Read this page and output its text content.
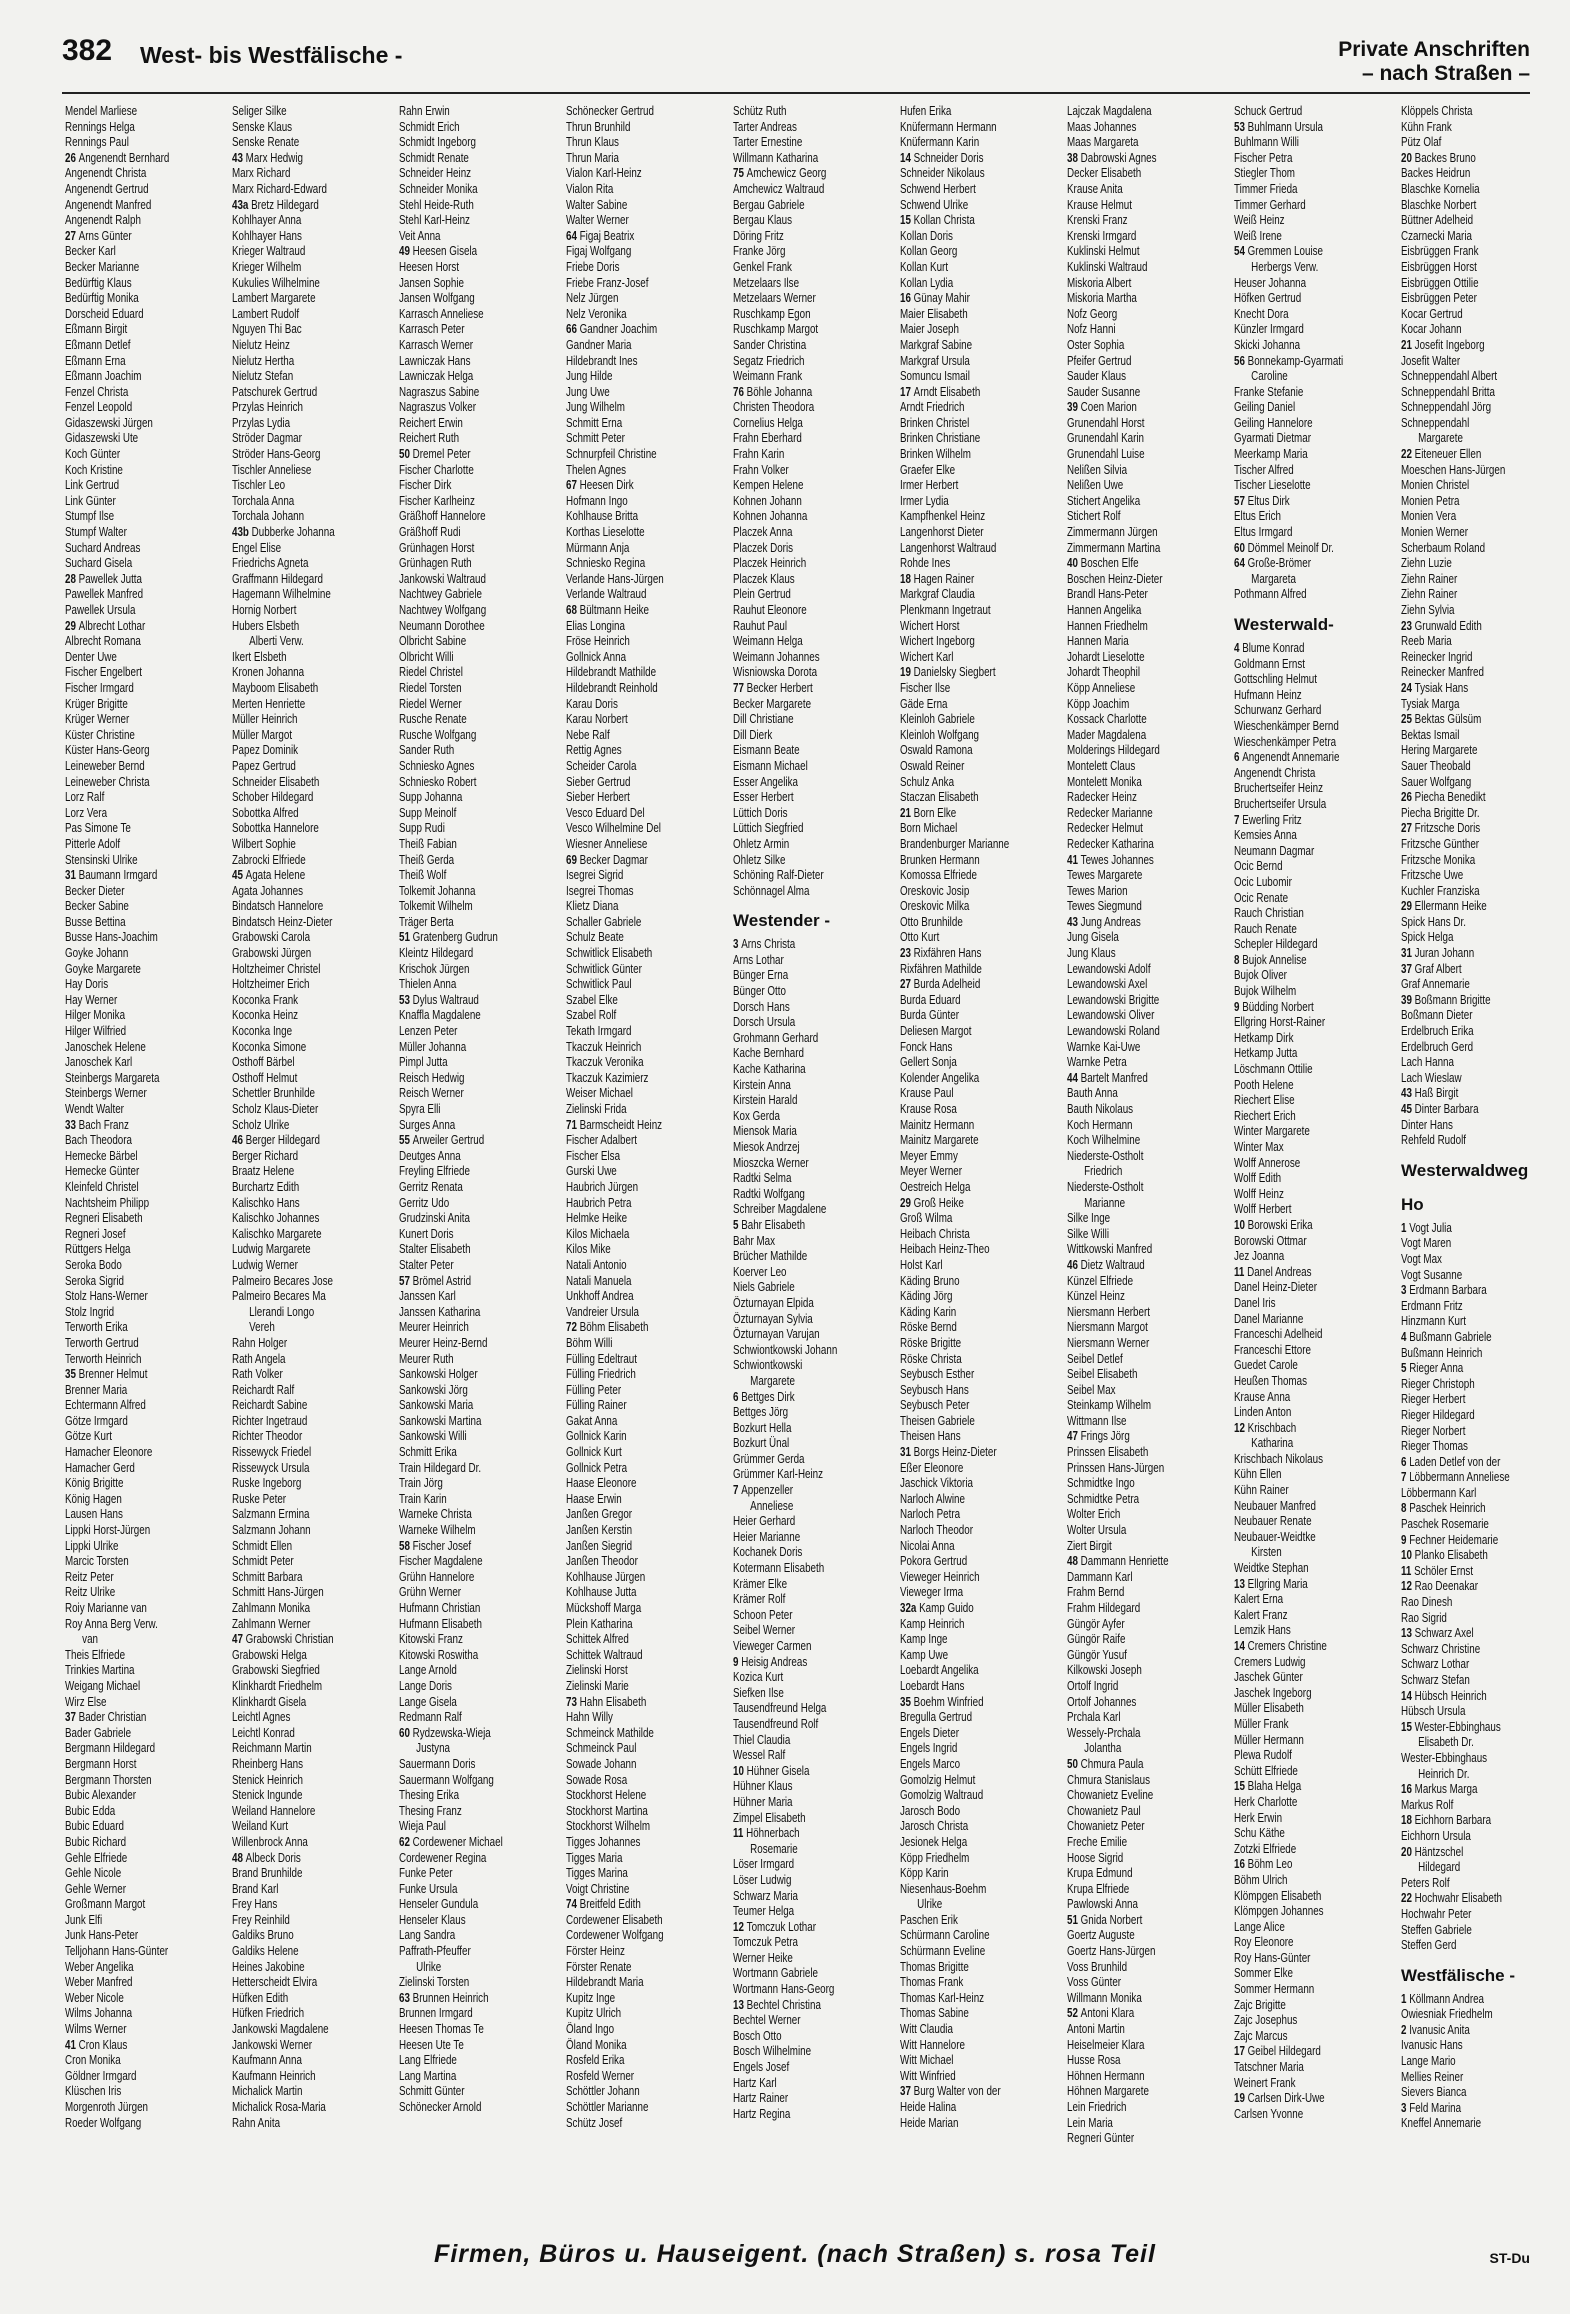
382 West- bis Westfälische -	Private Anschriften
– nach Straßen –
Mendel Marliese
Rennings Helga
Rennings Paul
26 Angenendt Bernhard
Angenendt Christa
Angenendt Gertrud
Angenendt Manfred
Angenendt Ralph
27 Arns Günter
Becker Karl
Becker Marianne
Bedürftig Klaus
Bedürftig Monika
Dorscheid Eduard
Eßmann Birgit
Eßmann Detlef
Eßmann Erna
Eßmann Joachim
Fenzel Christa
Fenzel Leopold
Gidaszewski Jürgen
Gidaszewski Ute
Koch Günter
Koch Kristine
Link Gertrud
Link Günter
Stumpf Ilse
Stumpf Walter
Suchard Andreas
Suchard Gisela
28 Pawellek Jutta
Pawellek Manfred
Pawellek Ursula
29 Albrecht Lothar
Albrecht Romana
Denter Uwe
Fischer Engelbert
Fischer Irmgard
Krüger Brigitte
Krüger Werner
Küster Christine
Küster Hans-Georg
Leineweber Bernd
Leineweber Christa
Lorz Ralf
Lorz Vera
Pas Simone Te
Pitterle Adolf
Stensinski Ulrike
31 Baumann Irmgard
Becker Dieter
Becker Sabine
Busse Bettina
Busse Hans-Joachim
Goyke Johann
Goyke Margarete
Hay Doris
Hay Werner
Hilger Monika
Hilger Wilfried
Janoschek Helene
Janoschek Karl
Steinbergs Margareta
Steinbergs Werner
Wendt Walter
33 Bach Franz
Bach Theodora
Hemecke Bärbel
Hemecke Günter
Kleinfeld Christel
Nachtsheim Philipp
Regneri Elisabeth
Regneri Josef
Rüttgers Helga
Seroka Bodo
Seroka Sigrid
Stolz Hans-Werner
Stolz Ingrid
Terworth Erika
Terworth Gertrud
Terworth Heinrich
35 Brenner Helmut
Brenner Maria
Echtermann Alfred
Götze Irmgard
Götze Kurt
Hamacher Eleonore
Hamacher Gerd
König Brigitte
König Hagen
Lausen Hans
Lippki Horst-Jürgen
Lippki Ulrike
Marcic Torsten
Reitz Peter
Reitz Ulrike
Roiy Marianne van
Roy Anna Berg Verw.
van
Theis Elfriede
Trinkies Martina
Weigang Michael
Wirz Else
37 Bader Christian
Bader Gabriele
Bergmann Hildegard
Bergmann Horst
Bergmann Thorsten
Bubic Alexander
Bubic Edda
Bubic Eduard
Bubic Richard
Gehle Elfriede
Gehle Nicole
Gehle Werner
Großmann Margot
Junk Elfi
Junk Hans-Peter
Telljohann Hans-Günter
Weber Angelika
Weber Manfred
Weber Nicole
Wilms Johanna
Wilms Werner
41 Cron Klaus
Cron Monika
Göldner Irmgard
Klüschen Iris
Morgenroth Jürgen
Roeder Wolfgang
Seliger Silke
Senske Klaus
Senske Renate
43 Marx Hedwig
Marx Richard
Marx Richard-Edward
43a Bretz Hildegard
Kohlhayer Anna
Kohlhayer Hans
Krieger Waltraud
Krieger Wilhelm
Kukulies Wilhelmine
Lambert Margarete
Lambert Rudolf
Nguyen Thi Bac
Nielutz Heinz
Nielutz Hertha
Nielutz Stefan
Patschurek Gertrud
Przylas Heinrich
Przylas Lydia
Ströder Dagmar
Ströder Hans-Georg
Tischler Anneliese
Tischler Leo
Torchala Anna
Torchala Johann
43b Dubberke Johanna
Engel Elise
Friedrichs Agneta
Graffmann Hildegard
Hagemann Wilhelmine
Hornig Norbert
Hubers Elsbeth
Alberti Verw.
Ikert Elsbeth
Kronen Johanna
Mayboom Elisabeth
Merten Henriette
Müller Heinrich
Müller Margot
Papez Dominik
Papez Gertrud
Schneider Elisabeth
Schober Hildegard
Sobottka Alfred
Sobottka Hannelore
Wilbert Sophie
Zabrocki Elfriede
45 Agata Helene
Agata Johannes
Bindatsch Hannelore
Bindatsch Heinz-Dieter
Grabowski Carola
Grabowski Jürgen
Holtzheimer Christel
Holtzheimer Erich
Koconka Frank
Koconka Heinz
Koconka Inge
Koconka Simone
Osthoff Bärbel
Osthoff Helmut
Schettler Brunhilde
Scholz Klaus-Dieter
Scholz Ulrike
46 Berger Hildegard
Berger Richard
Braatz Helene
Burchartz Edith
Kalischko Hans
Kalischko Johannes
Kalischko Margarete
Ludwig Margarete
Ludwig Werner
Palmeiro Becares Jose
Palmeiro Becares Ma
Llerandi Longo
Vereh
Rahn Holger
Rath Angela
Rath Volker
Reichardt Ralf
Reichardt Sabine
Richter Ingetraud
Richter Theodor
Rissewyck Friedel
Rissewyck Ursula
Ruske Ingeborg
Ruske Peter
Salzmann Ermina
Salzmann Johann
Schmidt Ellen
Schmidt Peter
Schmitt Barbara
Schmitt Hans-Jürgen
Zahlmann Monika
Zahlmann Werner
47 Grabowski Christian
Grabowski Helga
Grabowski Siegfried
Klinkhardt Friedhelm
Klinkhardt Gisela
Leichtl Agnes
Leichtl Konrad
Reichmann Martin
Rheinberg Hans
Stenick Heinrich
Stenick Ingunde
Weiland Hannelore
Weiland Kurt
Willenbrock Anna
48 Albeck Doris
Brand Brunhilde
Brand Karl
Frey Hans
Frey Reinhild
Galdiks Bruno
Galdiks Helene
Heines Jakobine
Hetterscheidt Elvira
Hüfken Edith
Hüfken Friedrich
Jankowski Magdalene
Jankowski Werner
Kaufmann Anna
Kaufmann Heinrich
Michalick Martin
Michalick Rosa-Maria
Rahn Anita
Rahn Erwin
Schmidt Erich
Schmidt Ingeborg
Schmidt Renate
Schneider Heinz
Schneider Monika
Stehl Heide-Ruth
Stehl Karl-Heinz
Veit Anna
49 Heesen Gisela
Heesen Horst
Jansen Sophie
Jansen Wolfgang
Karrasch Anneliese
Karrasch Peter
Karrasch Werner
Lawniczak Hans
Lawniczak Helga
Nagraszus Sabine
Nagraszus Volker
Reichert Erwin
Reichert Ruth
50 Dremel Peter
Fischer Charlotte
Fischer Dirk
Fischer Karlheinz
Gräßhoff Hannelore
Gräßhoff Rudi
Grünhagen Horst
Grünhagen Ruth
Jankowski Waltraud
Nachtwey Gabriele
Nachtwey Wolfgang
Neumann Dorothee
Olbricht Sabine
Olbricht Willi
Riedel Christel
Riedel Torsten
Riedel Werner
Rusche Renate
Rusche Wolfgang
Sander Ruth
Schniesko Agnes
Schniesko Robert
Supp Johanna
Supp Meinolf
Supp Rudi
Theiß Fabian
Theiß Gerda
Theiß Wolf
Tolkemit Johanna
Tolkemit Wilhelm
Träger Berta
51 Gratenberg Gudrun
Kleintz Hildegard
Krischok Jürgen
Thielen Anna
53 Dylus Waltraud
Knaffla Magdalene
Lenzen Peter
Müller Johanna
Pimpl Jutta
Reisch Hedwig
Reisch Werner
Spyra Elli
Surges Anna
55 Arweiler Gertrud
Deutges Anna
Freyling Elfriede
Gerritz Renata
Gerritz Udo
Grudzinski Anita
Kunert Doris
Stalter Elisabeth
Stalter Peter
57 Brömel Astrid
Janssen Karl
Janssen Katharina
Meurer Heinrich
Meurer Heinz-Bernd
Meurer Ruth
Sankowski Holger
Sankowski Jörg
Sankowski Maria
Sankowski Martina
Sankowski Willi
Schmitt Erika
Train Hildegard Dr.
Train Jörg
Train Karin
Warneke Christa
Warneke Wilhelm
58 Fischer Josef
Fischer Magdalene
Grühn Hannelore
Grühn Werner
Hufmann Christian
Hufmann Elisabeth
Kitowski Franz
Kitowski Roswitha
Lange Arnold
Lange Doris
Lange Gisela
Redmann Ralf
60 Rydzewska-Wieja
Justyna
Sauermann Doris
Sauermann Wolfgang
Thesing Erika
Thesing Franz
Wieja Paul
62 Cordewener Michael
Cordewener Regina
Funke Peter
Funke Ursula
Henseler Gundula
Henseler Klaus
Lang Sandra
Paffrath-Pfeuffer
Ulrike
Zielinski Torsten
63 Brunnen Heinrich
Brunnen Irmgard
Heesen Thomas Te
Heesen Ute Te
Lang Elfriede
Lang Martina
Schmitt Günter
Schönecker Arnold
Schönecker Gertrud
Thrun Brunhild
Thrun Klaus
Thrun Maria
Vialon Karl-Heinz
Vialon Rita
Walter Sabine
Walter Werner
64 Figaj Beatrix
Figaj Wolfgang
Friebe Doris
Friebe Franz-Josef
Nelz Jürgen
Nelz Veronika
66 Gandner Joachim
Gandner Maria
Hildebrandt Ines
Jung Hilde
Jung Uwe
Jung Wilhelm
Schmitt Erna
Schmitt Peter
Schnurpfeil Christine
Thelen Agnes
67 Heesen Dirk
Hofmann Ingo
Kohlhause Britta
Korthas Lieselotte
Mürmann Anja
Schniesko Regina
Verlande Hans-Jürgen
Verlande Waltraud
68 Bültmann Heike
Elias Longina
Fröse Heinrich
Gollnick Anna
Hildebrandt Mathilde
Hildebrandt Reinhold
Karau Doris
Karau Norbert
Nebe Ralf
Rettig Agnes
Scheider Carola
Sieber Gertrud
Sieber Herbert
Vesco Eduard Del
Vesco Wilhelmine Del
Wiesner Anneliese
69 Becker Dagmar
Isegrei Sigrid
Isegrei Thomas
Klietz Diana
Schaller Gabriele
Schulz Beate
Schwitlick Elisabeth
Schwitlick Günter
Schwitlick Paul
Szabel Elke
Szabel Rolf
Tekath Irmgard
Tkaczuk Heinrich
Tkaczuk Veronika
Tkaczuk Kazimierz
Weiser Michael
Zielinski Frida
71 Barmscheidt Heinz
Fischer Adalbert
Fischer Elsa
Gurski Uwe
Haubrich Jürgen
Haubrich Petra
Helmke Heike
Kilos Michaela
Kilos Mike
Natali Antonio
Natali Manuela
Unkhoff Andrea
Vandreier Ursula
72 Böhm Elisabeth
Böhm Willi
Fülling Edeltraut
Fülling Friedrich
Fülling Peter
Fülling Rainer
Gakat Anna
Gollnick Karin
Gollnick Kurt
Gollnick Petra
Haase Eleonore
Haase Erwin
Janßen Gregor
Janßen Kerstin
Janßen Siegrid
Janßen Theodor
Kohlhause Jürgen
Kohlhause Jutta
Mückshoff Marga
Plein Katharina
Schittek Alfred
Schittek Waltraud
Zielinski Horst
Zielinski Marie
73 Hahn Elisabeth
Hahn Willy
Schmeinck Mathilde
Schmeinck Paul
Sowade Johann
Sowade Rosa
Stockhorst Helene
Stockhorst Martina
Stockhorst Wilhelm
Tigges Johannes
Tigges Maria
Tigges Marina
Voigt Christine
74 Breitfeld Edith
Cordewener Elisabeth
Cordewener Wolfgang
Förster Heinz
Förster Renate
Hildebrandt Maria
Kupitz Inge
Kupitz Ulrich
Öland Ingo
Öland Monika
Rosfeld Erika
Rosfeld Werner
Schöttler Johann
Schöttler Marianne
Schütz Josef
Schütz Ruth
Tarter Andreas
Tarter Ernestine
Willmann Katharina
75 Amchewicz Georg
Amchewicz Waltraud
Bergau Gabriele
Bergau Klaus
Döring Fritz
Franke Jörg
Genkel Frank
Metzelaars Ilse
Metzelaars Werner
Ruschkamp Egon
Ruschkamp Margot
Sander Christina
Segatz Friedrich
Weimann Frank
76 Böhle Johanna
Christen Theodora
Cornelius Helga
Frahn Eberhard
Frahn Karin
Frahn Volker
Kempen Helene
Kohnen Johann
Kohnen Johanna
Placzek Anna
Placzek Doris
Placzek Heinrich
Placzek Klaus
Plein Gertrud
Rauhut Eleonore
Rauhut Paul
Weimann Helga
Weimann Johannes
Wisniowska Dorota
77 Becker Herbert
Becker Margarete
Dill Christiane
Dill Dierk
Eismann Beate
Eismann Michael
Esser Angelika
Esser Herbert
Lüttich Doris
Lüttich Siegfried
Ohletz Armin
Ohletz Silke
Schöning Ralf-Dieter
Schönnagel Alma
Westender -
3 Arns Christa
Arns Lothar
Bünger Erna
Bünger Otto
Dorsch Hans
Dorsch Ursula
Grohmann Gerhard
Kache Bernhard
Kache Katharina
Kirstein Anna
Kirstein Harald
Kox Gerda
Miensok Maria
Miesok Andrzej
Mioszcka Werner
Radtki Selma
Radtki Wolfgang
Schreiber Magdalene
5 Bahr Elisabeth
Bahr Max
Brücher Mathilde
Koerver Leo
Niels Gabriele
Özturnayan Elpida
Özturnayan Sylvia
Özturnayan Varujan
Schwiontkowski Johann
Schwiontkowski
Margarete
6 Bettges Dirk
Bettges Jörg
Bozkurt Hella
Bozkurt Ünal
Grümmer Gerda
Grümmer Karl-Heinz
7 Appenzeller
Anneliese
Heier Gerhard
Heier Marianne
Kochanek Doris
Kotermann Elisabeth
Krämer Elke
Krämer Rolf
Schoon Peter
Seibel Werner
Vieweger Carmen
9 Heisig Andreas
Kozica Kurt
Siefken Ilse
Tausendfreund Helga
Tausendfreund Rolf
Thiel Claudia
Wessel Ralf
10 Hühner Gisela
Hühner Klaus
Hühner Maria
Zimpel Elisabeth
11 Höhnerbach
Rosemarie
Löser Irmgard
Löser Ludwig
Schwarz Maria
Teumer Helga
12 Tomczuk Lothar
Tomczuk Petra
Werner Heike
Wortmann Gabriele
Wortmann Hans-Georg
13 Bechtel Christina
Bechtel Werner
Bosch Otto
Bosch Wilhelmine
Engels Josef
Hartz Karl
Hartz Rainer
Hartz Regina
Hufen Erika
Knüfermann Hermann
Knüfermann Karin
14 Schneider Doris
Schneider Nikolaus
Schwend Herbert
Schwend Ulrike
15 Kollan Christa
Kollan Doris
Kollan Georg
Kollan Kurt
Kollan Lydia
16 Günay Mahir
Maier Elisabeth
Maier Joseph
Markgraf Sabine
Markgraf Ursula
Somuncu Ismail
17 Arndt Elisabeth
Arndt Friedrich
Brinken Christel
Brinken Christiane
Brinken Wilhelm
Graefer Elke
Irmer Herbert
Irmer Lydia
Kampfhenkel Heinz
Langenhorst Dieter
Langenhorst Waltraud
Rohde Ines
18 Hagen Rainer
Markgraf Claudia
Plenkmann Ingetraut
Wichert Horst
Wichert Ingeborg
Wichert Karl
19 Danielsky Siegbert
Fischer Ilse
Gäde Erna
Kleinloh Gabriele
Kleinloh Wolfgang
Oswald Ramona
Oswald Reiner
Schulz Anka
Staczan Elisabeth
21 Born Elke
Born Michael
Brandenburger Marianne
Brunken Hermann
Komossa Elfriede
Oreskovic Josip
Oreskovic Milka
Otto Brunhilde
Otto Kurt
23 Rixfähren Hans
Rixfähren Mathilde
27 Burda Adelheid
Burda Eduard
Burda Günter
Deliesen Margot
Fonck Hans
Gellert Sonja
Kolender Angelika
Krause Paul
Krause Rosa
Mainitz Hermann
Mainitz Margarete
Meyer Emmy
Meyer Werner
Oestreich Helga
29 Groß Heike
Groß Wilma
Heibach Christa
Heibach Heinz-Theo
Holst Karl
Käding Bruno
Käding Jörg
Käding Karin
Röske Bernd
Röske Brigitte
Röske Christa
Seybusch Esther
Seybusch Hans
Seybusch Peter
Theisen Gabriele
Theisen Hans
31 Borgs Heinz-Dieter
Eßer Eleonore
Jaschick Viktoria
Narloch Alwine
Narloch Petra
Narloch Theodor
Nicolai Anna
Pokora Gertrud
Vieweger Heinrich
Vieweger Irma
32a Kamp Guido
Kamp Heinrich
Kamp Inge
Kamp Uwe
Loebardt Angelika
Loebardt Hans
35 Boehm Winfried
Bregulla Gertrud
Engels Dieter
Engels Ingrid
Engels Marco
Gomolzig Helmut
Gomolzig Waltraud
Jarosch Bodo
Jarosch Christa
Jesionek Helga
Köpp Friedhelm
Köpp Karin
Niesenhaus-Boehm
Ulrike
Paschen Erik
Schürmann Caroline
Schürmann Eveline
Thomas Brigitte
Thomas Frank
Thomas Karl-Heinz
Thomas Sabine
Witt Claudia
Witt Hannelore
Witt Michael
Witt Winfried
37 Burg Walter von der
Heide Halina
Heide Marian
Lajczak Magdalena
Maas Johannes
Maas Margareta
38 Dabrowski Agnes
Decker Elisabeth
Krause Anita
Krause Helmut
Krenski Franz
Krenski Irmgard
Kuklinski Helmut
Kuklinski Waltraud
Miskoria Albert
Miskoria Martha
Nofz Georg
Nofz Hanni
Oster Sophia
Pfeifer Gertrud
Sauder Klaus
Sauder Susanne
39 Coen Marion
Grunendahl Horst
Grunendahl Karin
Grunendahl Luise
Nelißen Silvia
Nelißen Uwe
Stichert Angelika
Stichert Rolf
Zimmermann Jürgen
Zimmermann Martina
40 Boschen Elfe
Boschen Heinz-Dieter
Brandl Hans-Peter
Hannen Angelika
Hannen Friedhelm
Hannen Maria
Johardt Lieselotte
Johardt Theophil
Köpp Anneliese
Köpp Joachim
Kossack Charlotte
Mader Magdalena
Molderings Hildegard
Montelett Claus
Montelett Monika
Radecker Heinz
Redecker Marianne
Redecker Helmut
Redecker Katharina
41 Tewes Johannes
Tewes Margarete
Tewes Marion
Tewes Siegmund
43 Jung Andreas
Jung Gisela
Jung Klaus
Lewandowski Adolf
Lewandowski Axel
Lewandowski Brigitte
Lewandowski Oliver
Lewandowski Roland
Warnke Kai-Uwe
Warnke Petra
44 Bartelt Manfred
Bauth Anna
Bauth Nikolaus
Koch Hermann
Koch Wilhelmine
Niederste-Ostholt
Friedrich
Niederste-Ostholt
Marianne
Silke Inge
Silke Willi
Wittkowski Manfred
46 Dietz Waltraud
Künzel Elfriede
Künzel Heinz
Niersmann Herbert
Niersmann Margot
Niersmann Werner
Seibel Detlef
Seibel Elisabeth
Seibel Max
Steinkamp Wilhelm
Wittmann Ilse
47 Frings Jörg
Prinssen Elisabeth
Prinssen Hans-Jürgen
Schmidtke Ingo
Schmidtke Petra
Wolter Erich
Wolter Ursula
Ziert Birgit
48 Dammann Henriette
Dammann Karl
Frahm Bernd
Frahm Hildegard
Güngör Ayfer
Güngör Raife
Güngör Yusuf
Kilkowski Joseph
Ortolf Ingrid
Ortolf Johannes
Prchala Karl
Wessely-Prchala
Jolantha
50 Chmura Paula
Chmura Stanislaus
Chowanietz Eveline
Chowanietz Paul
Chowanietz Peter
Freche Emilie
Hoose Sigrid
Krupa Edmund
Krupa Elfriede
Pawlowski Anna
51 Gnida Norbert
Goertz Auguste
Goertz Hans-Jürgen
Voss Brunhild
Voss Günter
Willmann Monika
52 Antoni Klara
Antoni Martin
Heiselmeier Klara
Husse Rosa
Höhnen Hermann
Höhnen Margarete
Lein Friedrich
Lein Maria
Regneri Günter
Schuck Gertrud
53 Buhlmann Ursula
Buhlmann Willi
Fischer Petra
Stiegler Thom
Timmer Frieda
Timmer Gerhard
Weiß Heinz
Weiß Irene
54 Gremmen Louise
Herbergs Verw.
Heuser Johanna
Höfken Gertrud
Knecht Dora
Künzler Irmgard
Skicki Johanna
56 Bonnekamp-Gyarmati
Caroline
Franke Stefanie
Geiling Daniel
Geiling Hannelore
Gyarmati Dietmar
Meerkamp Maria
Tischer Alfred
Tischer Lieselotte
57 Eltus Dirk
Eltus Erich
Eltus Irmgard
60 Dömmel Meinolf Dr.
64 Große-Brömer
Margareta
Pothmann Alfred
Westerwald-
4 Blume Konrad
Goldmann Ernst
Gottschling Helmut
Hufmann Heinz
Schurwanz Gerhard
Wieschenkämper Bernd
Wieschenkämper Petra
6 Angenendt Annemarie
Angenendt Christa
Bruchertseifer Heinz
Bruchertseifer Ursula
7 Ewerling Fritz
Kemsies Anna
Neumann Dagmar
Ocic Bernd
Ocic Lubomir
Ocic Renate
Rauch Christian
Rauch Renate
Schepler Hildegard
8 Bujok Annelise
Bujok Oliver
Bujok Wilhelm
9 Büdding Norbert
Ellgring Horst-Rainer
Hetkamp Dirk
Hetkamp Jutta
Löschmann Ottilie
Pooth Helene
Riechert Elise
Riechert Erich
Winter Margarete
Winter Max
Wolff Annerose
Wolff Edith
Wolff Heinz
Wolff Herbert
10 Borowski Erika
Borowski Ottmar
Jez Joanna
11 Danel Andreas
Danel Heinz-Dieter
Danel Iris
Danel Marianne
Franceschi Adelheid
Franceschi Ettore
Guedet Carole
Heußen Thomas
Krause Anna
Linden Anton
12 Krischbach
Katharina
Krischbach Nikolaus
Kühn Ellen
Kühn Rainer
Neubauer Manfred
Neubauer Renate
Neubauer-Weidtke
Kirsten
Weidtke Stephan
13 Ellgring Maria
Kalert Erna
Kalert Franz
Lemzik Hans
14 Cremers Christine
Cremers Ludwig
Jaschek Günter
Jaschek Ingeborg
Müller Elisabeth
Müller Frank
Müller Hermann
Plewa Rudolf
Schütt Elfriede
15 Blaha Helga
Herk Charlotte
Herk Erwin
Schu Käthe
Zotzki Elfriede
16 Böhm Leo
Böhm Ulrich
Klömpgen Elisabeth
Klömpgen Johannes
Lange Alice
Roy Eleonore
Roy Hans-Günter
Sommer Elke
Sommer Hermann
Zajc Brigitte
Zajc Josephus
Zajc Marcus
17 Geibel Hildegard
Tatschner Maria
Weinert Frank
19 Carlsen Dirk-Uwe
Carlsen Yvonne
Klöppels Christa
Kühn Frank
Pütz Olaf
20 Backes Bruno
Backes Heidrun
Blaschke Kornelia
Blaschke Norbert
Büttner Adelheid
Czarnecki Maria
Eisbrüggen Frank
Eisbrüggen Horst
Eisbrüggen Ottilie
Eisbrüggen Peter
Kocar Gertrud
Kocar Johann
21 Josefit Ingeborg
Josefit Walter
Schneppendahl Albert
Schneppendahl Britta
Schneppendahl Jörg
Schneppendahl
Margarete
22 Eiteneuer Ellen
Moeschen Hans-Jürgen
Monien Christel
Monien Petra
Monien Vera
Monien Werner
Scherbaum Roland
Ziehn Luzie
Ziehn Rainer
Ziehn Rainer
Ziehn Sylvia
23 Grunwald Edith
Reeb Maria
Reinecker Ingrid
Reinecker Manfred
24 Tysiak Hans
Tysiak Marga
25 Bektas Gülsüm
Bektas Ismail
Hering Margarete
Sauer Theobald
Sauer Wolfgang
26 Piecha Benedikt
Piecha Brigitte Dr.
27 Fritzsche Doris
Fritzsche Günther
Fritzsche Monika
Fritzsche Uwe
Kuchler Franziska
29 Ellermann Heike
Spick Hans Dr.
Spick Helga
31 Juran Johann
37 Graf Albert
Graf Annemarie
39 Boßmann Brigitte
Boßmann Dieter
Erdelbruch Erika
Erdelbruch Gerd
Lach Hanna
Lach Wieslaw
43 Haß Birgit
45 Dinter Barbara
Dinter Hans
Rehfeld Rudolf
Westerwaldweg
Ho
1 Vogt Julia
Vogt Maren
Vogt Max
Vogt Susanne
3 Erdmann Barbara
Erdmann Fritz
Hinzmann Kurt
4 Bußmann Gabriele
Bußmann Heinrich
5 Rieger Anna
Rieger Christoph
Rieger Herbert
Rieger Hildegard
Rieger Norbert
Rieger Thomas
6 Laden Detlef von der
7 Löbbermann Anneliese
Löbbermann Karl
8 Paschek Heinrich
Paschek Rosemarie
9 Fechner Heidemarie
10 Planko Elisabeth
11 Schöler Ernst
12 Rao Deenakar
Rao Dinesh
Rao Sigrid
13 Schwarz Axel
Schwarz Christine
Schwarz Lothar
Schwarz Stefan
14 Hübsch Heinrich
Hübsch Ursula
15 Wester-Ebbinghaus
Elisabeth Dr.
Wester-Ebbinghaus
Heinrich Dr.
16 Markus Marga
Markus Rolf
18 Eichhorn Barbara
Eichhorn Ursula
20 Häntzschel
Hildegard
Peters Rolf
22 Hochwahr Elisabeth
Hochwahr Peter
Steffen Gabriele
Steffen Gerd
Westfälische -
1 Köllmann Andrea
Owiesniak Friedhelm
2 Ivanusic Anita
Ivanusic Hans
Lange Mario
Mellies Reiner
Sievers Bianca
3 Feld Marina
Kneffel Annemarie
Firmen, Büros u. Hauseigent. (nach Straßen) s. rosa Teil	ST-Du
